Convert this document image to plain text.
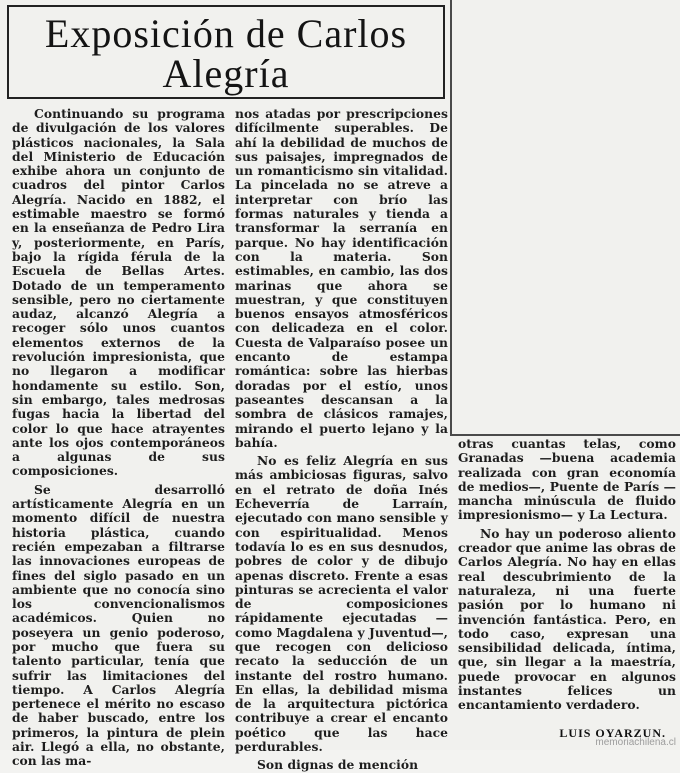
Exposición de Carlos
Alegría

Continuando su programa de divulgación de los valores plásticos nacionales, la Sala del Ministerio de Educación exhibe ahora un conjunto de cuadros del pintor Carlos Alegría. Nacido en 1882, el estimable maestro se formó en la enseñanza de Pedro Lira y, posteriormente, en París, bajo la rígida férula de la Escuela de Bellas Artes. Dotado de un temperamento sensible, pero no ciertamente audaz, alcanzó Alegría a recoger sólo unos cuantos elementos externos de la revolución impresionista, que no llegaron a modificar hondamente su estilo. Son, sin embargo, tales medrosas fugas hacia la libertad del color lo que hace atrayentes ante los ojos contemporáneos a algunas de sus composiciones.

Se desarrolló artísticamente Alegría en un momento difícil de nuestra historia plástica, cuando recién empezaban a filtrarse las innovaciones europeas de fines del siglo pasado en un ambiente que no conocía sino los convencionalismos académicos. Quien no poseyera un genio poderoso, por mucho que fuera su talento particular, tenía que sufrir las limitaciones del tiempo. A Carlos Alegría pertenece el mérito no escaso de haber buscado, entre los primeros, la pintura de plein air. Llegó a ella, no obstante, con las ma-

nos atadas por prescripciones difícilmente superables. De ahí la debilidad de muchos de sus paisajes, impregnados de un romanticismo sin vitalidad. La pincelada no se atreve a interpretar con brío las formas naturales y tienda a transformar la serranía en parque. No hay identificación con la materia. Son estimables, en cambio, las dos marinas que ahora se muestran, y que constituyen buenos ensayos atmosféricos con delicadeza en el color. Cuesta de Valparaíso posee un encanto de estampa romántica: sobre las hierbas doradas por el estío, unos paseantes descansan a la sombra de clásicos ramajes, mirando el puerto lejano y la bahía.

No es feliz Alegría en sus más ambiciosas figuras, salvo en el retrato de doña Inés Echeverría de Larraín, ejecutado con mano sensible y con espiritualidad. Menos todavía lo es en sus desnudos, pobres de color y de dibujo apenas discreto. Frente a esas pinturas se acrecienta el valor de composiciones rápidamente ejecutadas —como Magdalena y Juventud—, que recogen con delicioso recato la seducción de un instante del rostro humano. En ellas, la debilidad misma de la arquitectura pictórica contribuye a crear el encanto poético que las hace perdurables.

Son dignas de mención

otras cuantas telas, como Granadas —buena academia realizada con gran economía de medios—, Puente de París —mancha minúscula de fluido impresionismo— y La Lectura.

No hay un poderoso aliento creador que anime las obras de Carlos Alegría. No hay en ellas real descubrimiento de la naturaleza, ni una fuerte pasión por lo humano ni invención fantástica. Pero, en todo caso, expresan una sensibilidad delicada, íntima, que, sin llegar a la maestría, puede provocar en algunos instantes felices un encantamiento verdadero.

LUIS OYARZUN.
memoriachilena.cl
